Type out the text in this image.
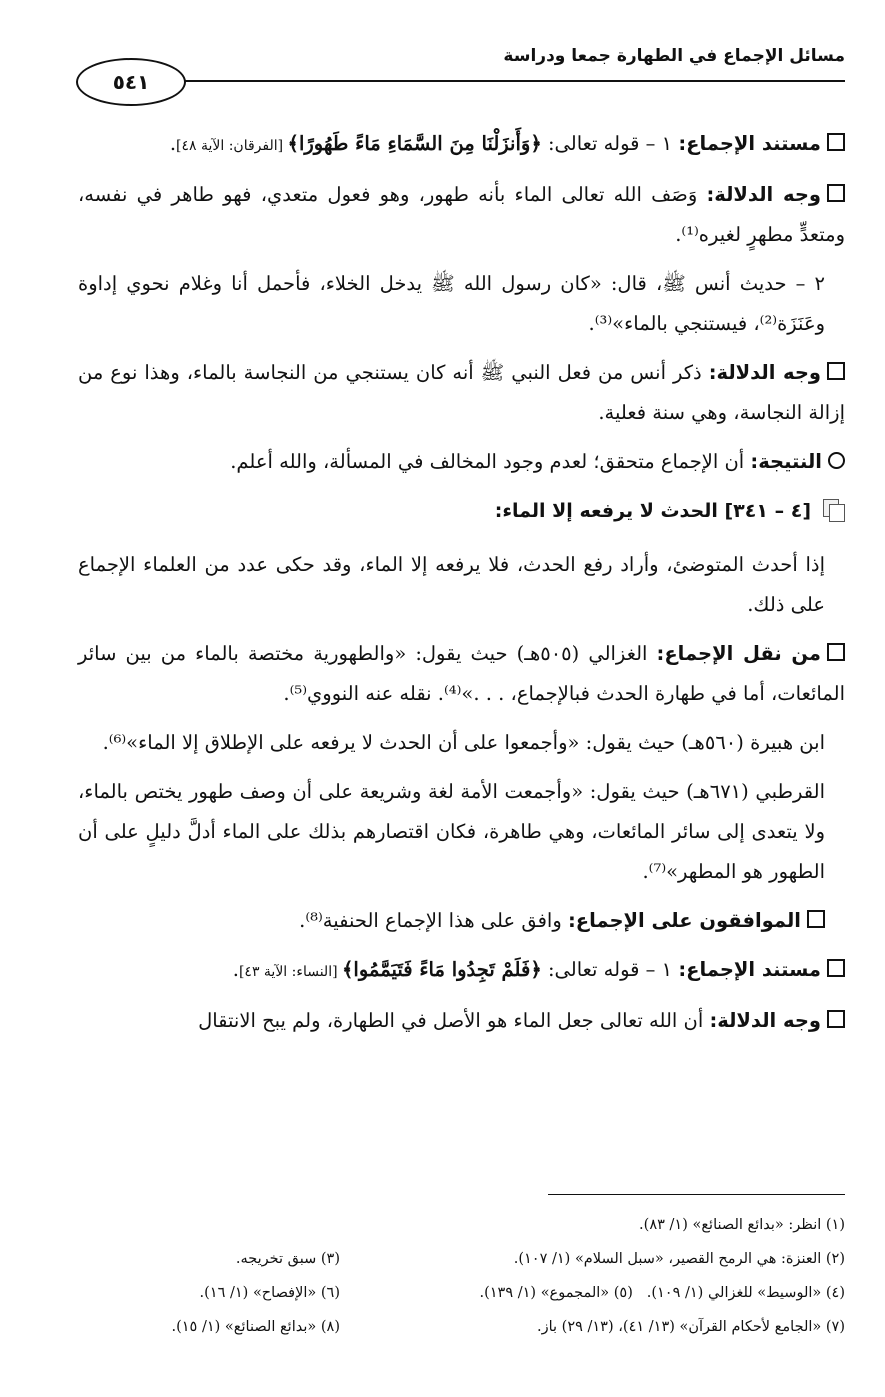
مسائل الإجماع في الطهارة جمعا ودراسة
٥٤١

مستند الإجماع: ١ – قوله تعالى: ﴿وَأَنزَلْنَا مِنَ السَّمَاءِ مَاءً طَهُورًا﴾ [الفرقان: الآية ٤٨].

وجه الدلالة: وَصَف الله تعالى الماء بأنه طهور، وهو فعول متعدي، فهو طاهر في نفسه، ومتعدٍّ مطهرٍ لغيره⁽¹⁾.

٢ – حديث أنس ﷺ، قال: «كان رسول الله ﷺ يدخل الخلاء، فأحمل أنا وغلام نحوي إداوة وعَنَزَة⁽²⁾، فيستنجي بالماء»⁽³⁾.

وجه الدلالة: ذكر أنس من فعل النبي ﷺ أنه كان يستنجي من النجاسة بالماء، وهذا نوع من إزالة النجاسة، وهي سنة فعلية.

النتيجة: أن الإجماع متحقق؛ لعدم وجود المخالف في المسألة، والله أعلم.

[٤ – ٣٤١] الحدث لا يرفعه إلا الماء:

إذا أحدث المتوضئ، وأراد رفع الحدث، فلا يرفعه إلا الماء، وقد حكى عدد من العلماء الإجماع على ذلك.

من نقل الإجماع: الغزالي (٥٠٥هـ) حيث يقول: «والطهورية مختصة بالماء من بين سائر المائعات، أما في طهارة الحدث فبالإجماع، . . .»⁽⁴⁾. نقله عنه النووي⁽⁵⁾.

ابن هبيرة (٥٦٠هـ) حيث يقول: «وأجمعوا على أن الحدث لا يرفعه على الإطلاق إلا الماء»⁽⁶⁾.

القرطبي (٦٧١هـ) حيث يقول: «وأجمعت الأمة لغة وشريعة على أن وصف طهور يختص بالماء، ولا يتعدى إلى سائر المائعات، وهي طاهرة، فكان اقتصارهم بذلك على الماء أدلَّ دليلٍ على أن الطهور هو المطهر»⁽⁷⁾.

الموافقون على الإجماع: وافق على هذا الإجماع الحنفية⁽⁸⁾.

مستند الإجماع: ١ – قوله تعالى: ﴿فَلَمْ تَجِدُوا مَاءً فَتَيَمَّمُوا﴾ [النساء: الآية ٤٣].

وجه الدلالة: أن الله تعالى جعل الماء هو الأصل في الطهارة، ولم يبح الانتقال

(١) انظر: «بدائع الصنائع» (١/ ٨٣).
(٢) العنزة: هي الرمح القصير، «سبل السلام» (١/ ١٠٧).
(٣) سبق تخريجه.
(٤) «الوسيط» للغزالي (١/ ١٠٩).   (٥) «المجموع» (١/ ١٣٩).
(٦) «الإفصاح» (١/ ١٦).
(٧) «الجامع لأحكام القرآن» (١٣/ ٤١)، (١٣/ ٢٩) باز.
(٨) «بدائع الصنائع» (١/ ١٥).
